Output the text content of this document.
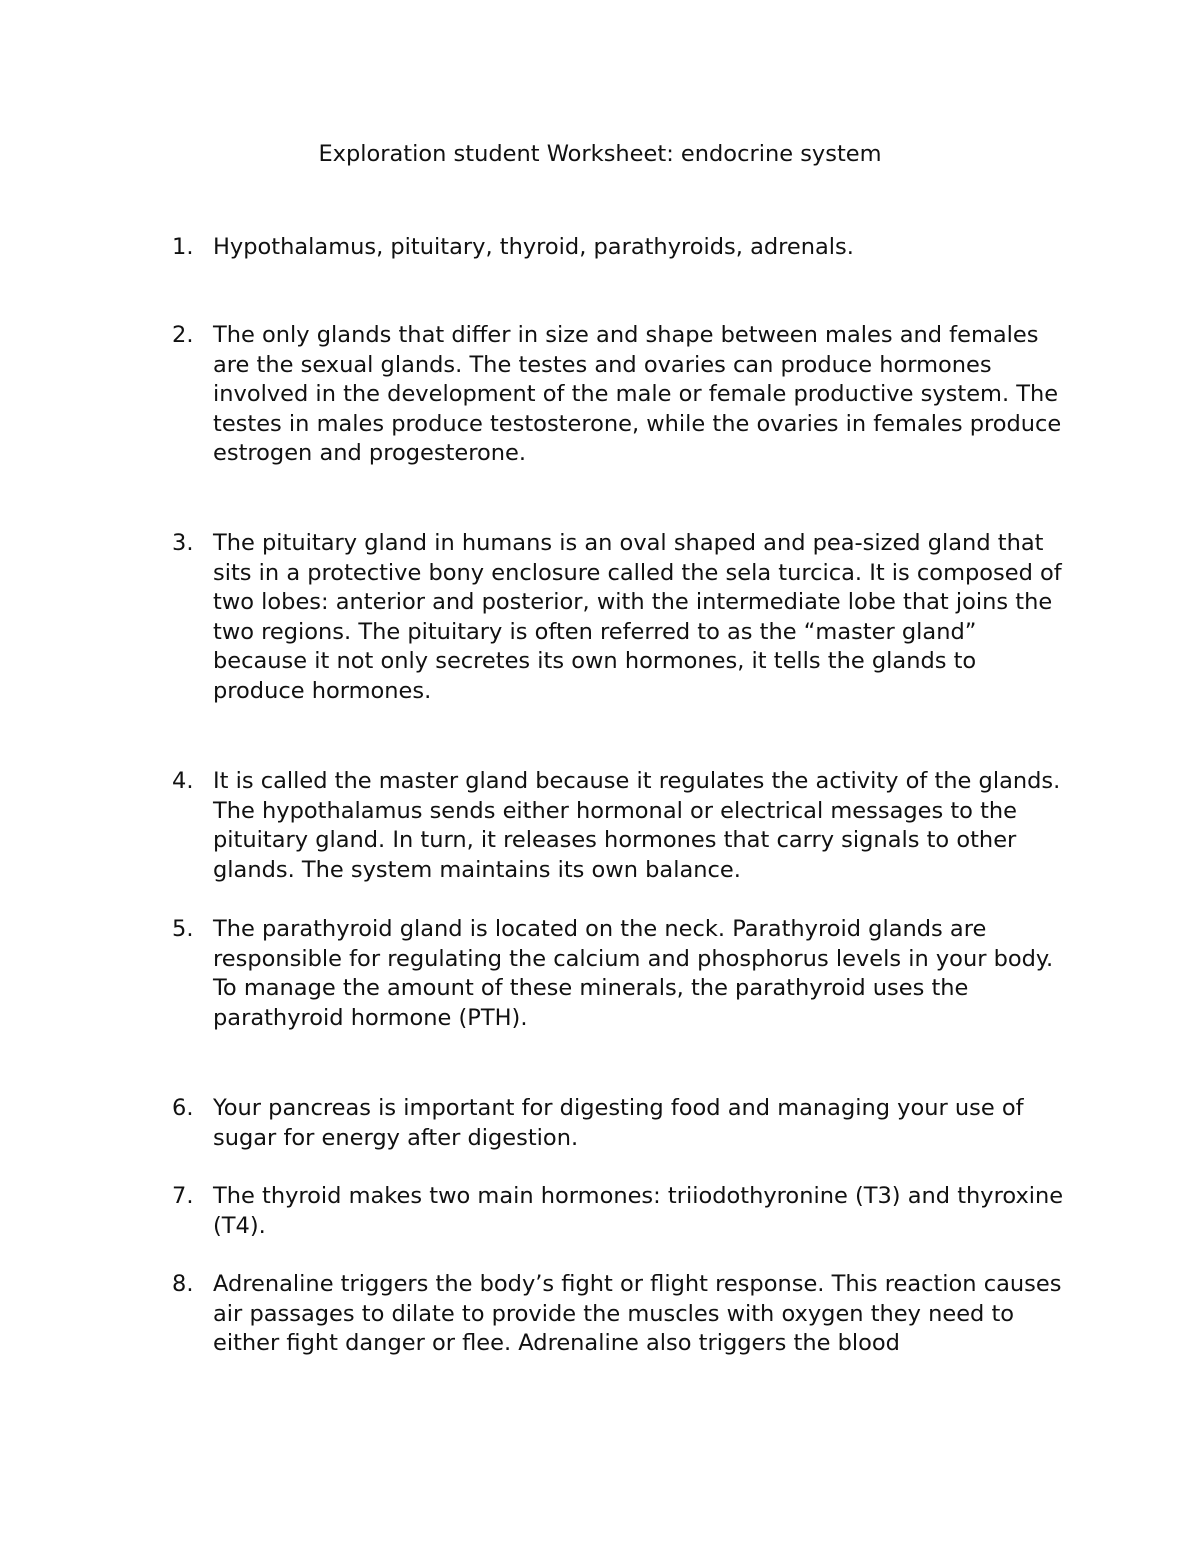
Exploration student Worksheet: endocrine system
1. Hypothalamus, pituitary, thyroid, parathyroids, adrenals.
2. The only glands that differ in size and shape between males and females are the sexual glands. The testes and ovaries can produce hormones involved in the development of the male or female productive system. The testes in males produce testosterone, while the ovaries in females produce estrogen and progesterone.
3. The pituitary gland in humans is an oval shaped and pea-sized gland that sits in a protective bony enclosure called the sela turcica. It is composed of two lobes: anterior and posterior, with the intermediate lobe that joins the two regions. The pituitary is often referred to as the “master gland” because it not only secretes its own hormones, it tells the glands to produce hormones.
4. It is called the master gland because it regulates the activity of the glands. The hypothalamus sends either hormonal or electrical messages to the pituitary gland. In turn, it releases hormones that carry signals to other glands. The system maintains its own balance.
5. The parathyroid gland is located on the neck. Parathyroid glands are responsible for regulating the calcium and phosphorus levels in your body. To manage the amount of these minerals, the parathyroid uses the parathyroid hormone (PTH).
6. Your pancreas is important for digesting food and managing your use of sugar for energy after digestion.
7. The thyroid makes two main hormones: triiodothyronine (T3) and thyroxine (T4).
8. Adrenaline triggers the body’s fight or flight response. This reaction causes air passages to dilate to provide the muscles with oxygen they need to either fight danger or flee. Adrenaline also triggers the blood
